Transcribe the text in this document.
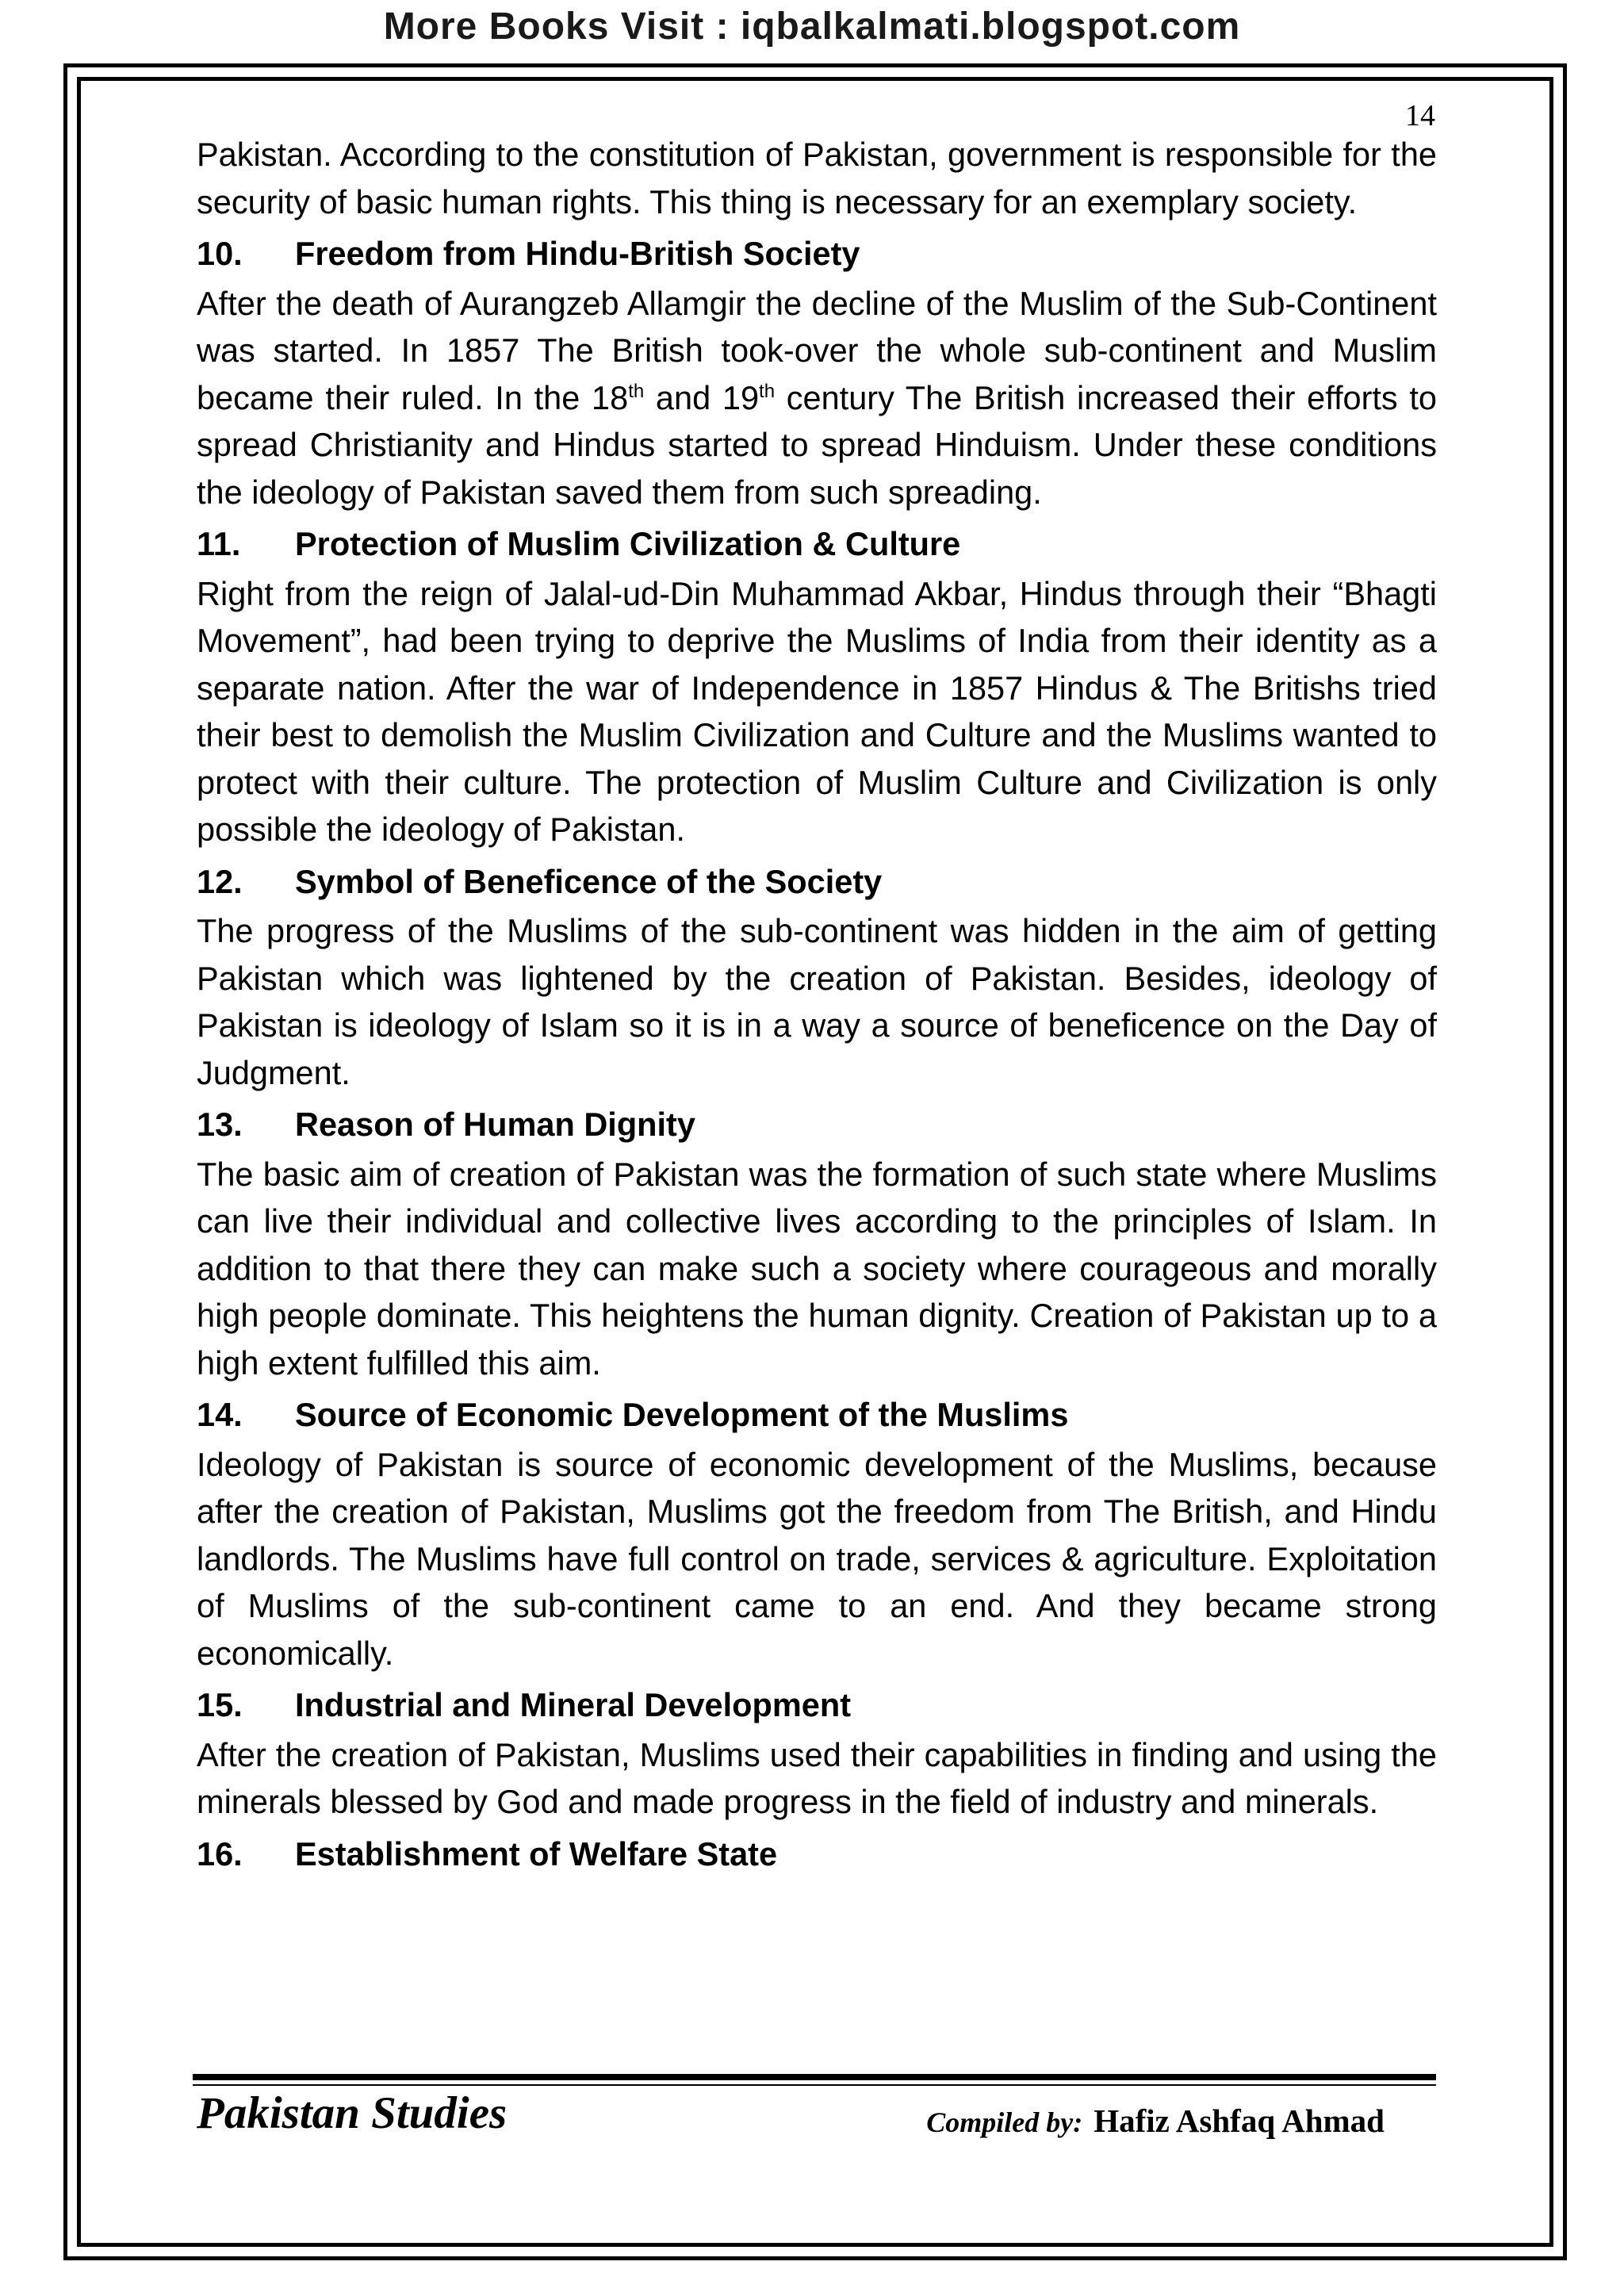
More Books Visit : iqbalkalmati.blogspot.com
14

Pakistan. According to the constitution of Pakistan, government is responsible for the security of basic human rights. This thing is necessary for an exemplary society.

10. Freedom from Hindu-British Society

After the death of Aurangzeb Allamgir the decline of the Muslim of the Sub-Continent was started. In 1857 The British took-over the whole sub-continent and Muslim became their ruled. In the 18th and 19th century The British increased their efforts to spread Christianity and Hindus started to spread Hinduism. Under these conditions the ideology of Pakistan saved them from such spreading.

11. Protection of Muslim Civilization & Culture

Right from the reign of Jalal-ud-Din Muhammad Akbar, Hindus through their “Bhagti Movement”, had been trying to deprive the Muslims of India from their identity as a separate nation. After the war of Independence in 1857 Hindus & The Britishs tried their best to demolish the Muslim Civilization and Culture and the Muslims wanted to protect with their culture. The protection of Muslim Culture and Civilization is only possible the ideology of Pakistan.

12. Symbol of Beneficence of the Society

The progress of the Muslims of the sub-continent was hidden in the aim of getting Pakistan which was lightened by the creation of Pakistan. Besides, ideology of Pakistan is ideology of Islam so it is in a way a source of beneficence on the Day of Judgment.

13. Reason of Human Dignity

The basic aim of creation of Pakistan was the formation of such state where Muslims can live their individual and collective lives according to the principles of Islam. In addition to that there they can make such a society where courageous and morally high people dominate. This heightens the human dignity. Creation of Pakistan up to a high extent fulfilled this aim.

14. Source of Economic Development of the Muslims

Ideology of Pakistan is source of economic development of the Muslims, because after the creation of Pakistan, Muslims got the freedom from The British, and Hindu landlords. The Muslims have full control on trade, services & agriculture. Exploitation of Muslims of the sub-continent came to an end. And they became strong economically.

15. Industrial and Mineral Development

After the creation of Pakistan, Muslims used their capabilities in finding and using the minerals blessed by God and made progress in the field of industry and minerals.

16. Establishment of Welfare State
Pakistan Studies	Compiled by: Hafiz Ashfaq Ahmad
